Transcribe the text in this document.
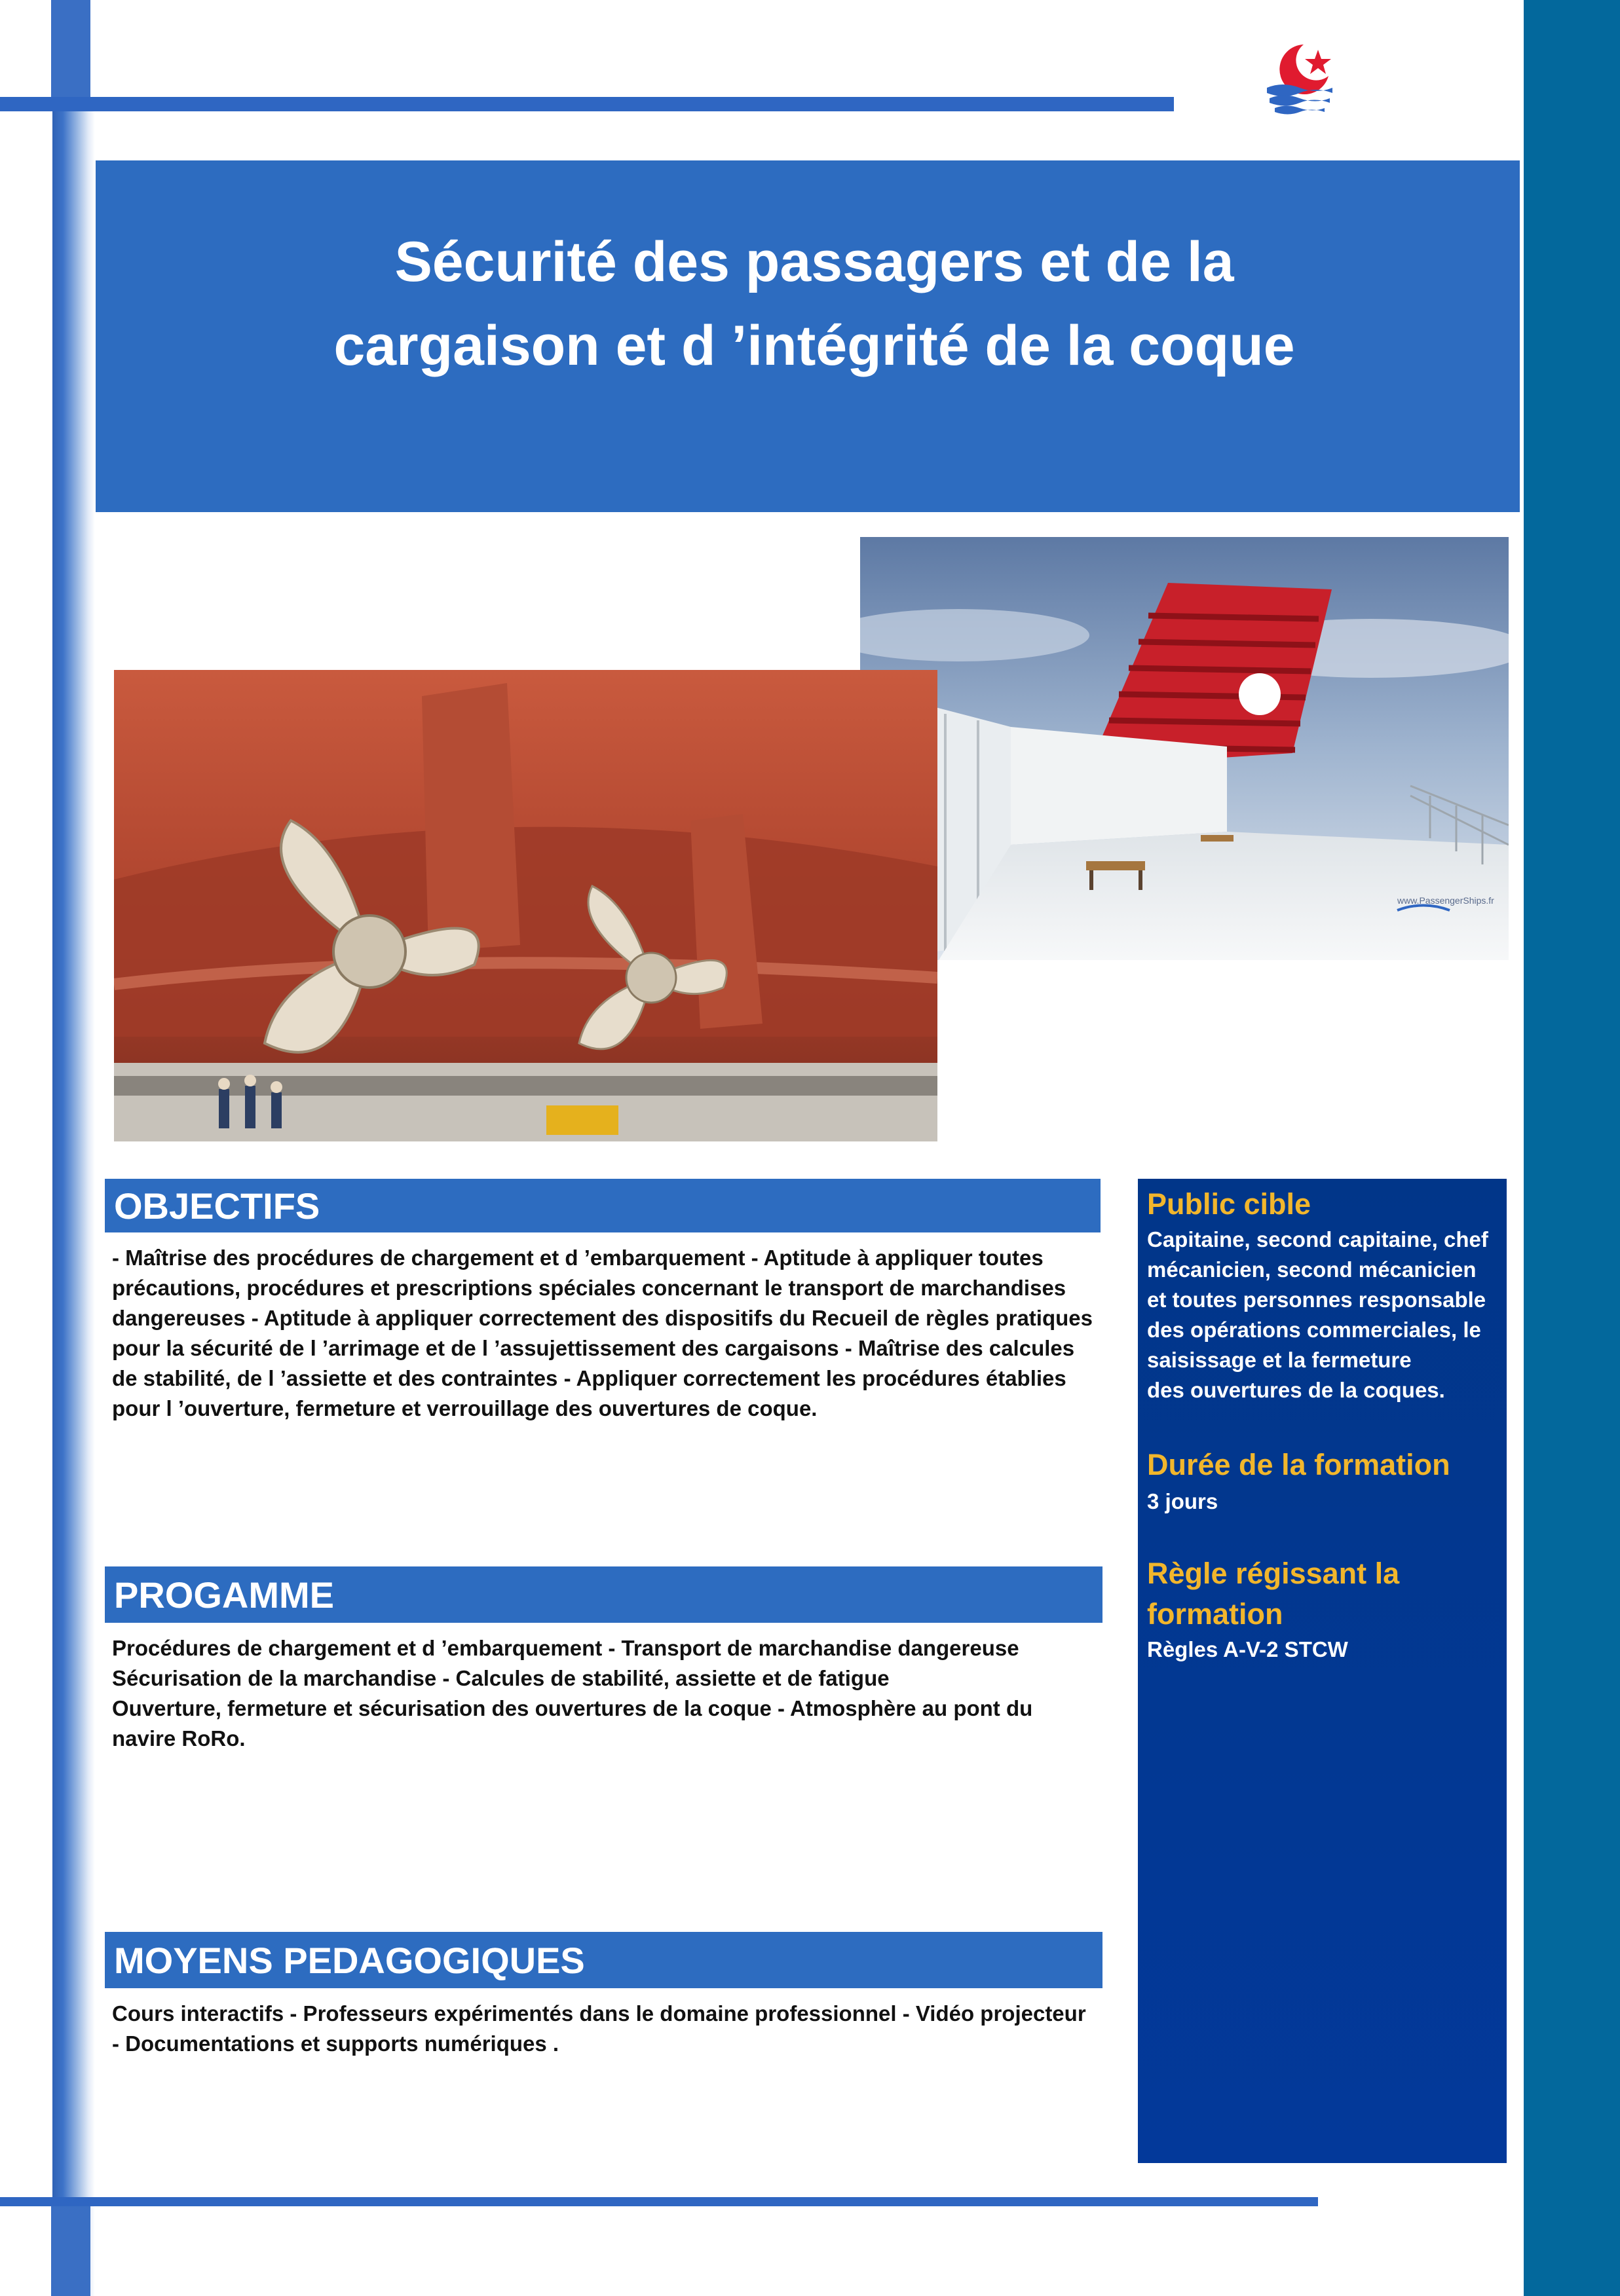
Sécurité des passagers et de la cargaison et d ’intégrité de la coque
www.PassengerShips.fr
OBJECTIFS

- Maîtrise des procédures de chargement et d ’embarquement - Aptitude à appliquer toutes précautions, procédures et prescriptions spéciales concernant le transport de marchandises dangereuses - Aptitude à appliquer correctement des dispositifs du Recueil de règles pratiques pour la sécurité de l ’arrimage et de l ’assujettissement des cargaisons - Maîtrise des calcules de stabilité, de l ’assiette et des contraintes - Appliquer correctement les procédures établies pour l ’ouverture, fermeture et verrouillage des ouvertures de coque.

PROGAMME

Procédures de chargement et d ’embarquement - Transport de marchandise dangereuse

Sécurisation de la marchandise - Calcules de stabilité, assiette et de fatigue

Ouverture, fermeture et sécurisation des ouvertures de la coque - Atmosphère au pont du navire RoRo.

MOYENS PEDAGOGIQUES

Cours interactifs - Professeurs expérimentés dans le domaine professionnel - Vidéo projecteur - Documentations et supports numériques .

Public cible

Capitaine, second capitaine, chef

mécanicien, second mécanicien

et toutes personnes responsable

des opérations commerciales, le

saisissage et la fermeture

des ouvertures de la coques.

Durée de la formation

3 jours

Règle régissant la formation

Règles A-V-2 STCW
